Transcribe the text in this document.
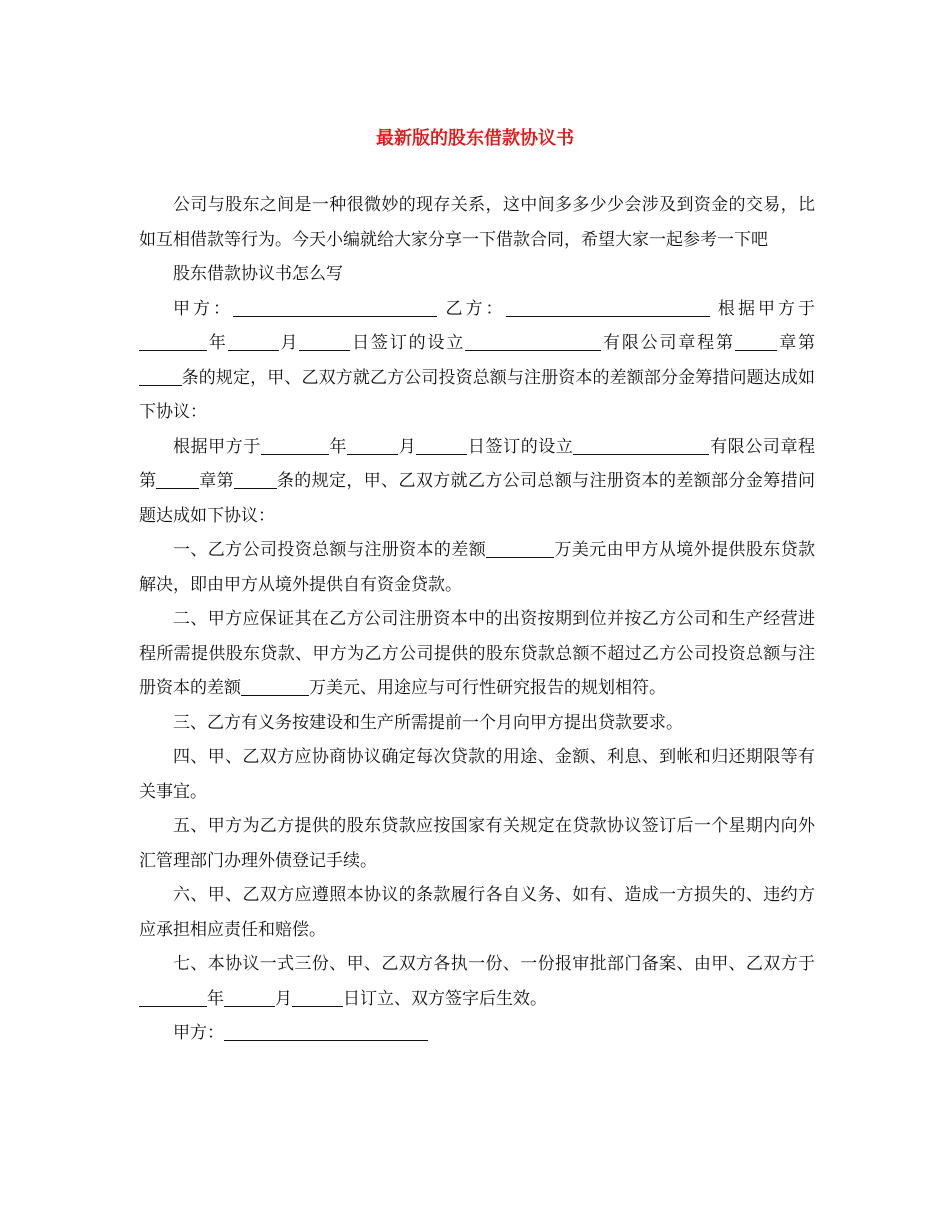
最新版的股东借款协议书

公司与股东之间是一种很微妙的现存关系，这中间多多少少会涉及到资金的交易，比如互相借款等行为。今天小编就给大家分享一下借款合同，希望大家一起参考一下吧

股东借款协议书怎么写

甲方：	乙方：	根据甲方于年	月	日签订的设立	有限公司章程第	章第条的规定，甲、乙双方就乙方公司投资总额与注册资本的差额部分金筹措问题达成如下协议：

根据甲方于	年	月	日签订的设立	有限公司章程第	章第	条的规定，甲、乙双方就乙方公司总额与注册资本的差额部分金筹措问题达成如下协议：

一、乙方公司投资总额与注册资本的差额	万美元由甲方从境外提供股东贷款解决，即由甲方从境外提供自有资金贷款。

二、甲方应保证其在乙方公司注册资本中的出资按期到位并按乙方公司和生产经营进程所需提供股东贷款、甲方为乙方公司提供的股东贷款总额不超过乙方公司投资总额与注册资本的差额	万美元、用途应与可行性研究报告的规划相符。

三、乙方有义务按建设和生产所需提前一个月向甲方提出贷款要求。

四、甲、乙双方应协商协议确定每次贷款的用途、金额、利息、到帐和归还期限等有关事宜。

五、甲方为乙方提供的股东贷款应按国家有关规定在贷款协议签订后一个星期内向外汇管理部门办理外债登记手续。

六、甲、乙双方应遵照本协议的条款履行各自义务、如有、造成一方损失的、违约方应承担相应责任和赔偿。

七、本协议一式三份、甲、乙双方各执一份、一份报审批部门备案、由甲、乙双方于年	月	日订立、双方签字后生效。

甲方：
